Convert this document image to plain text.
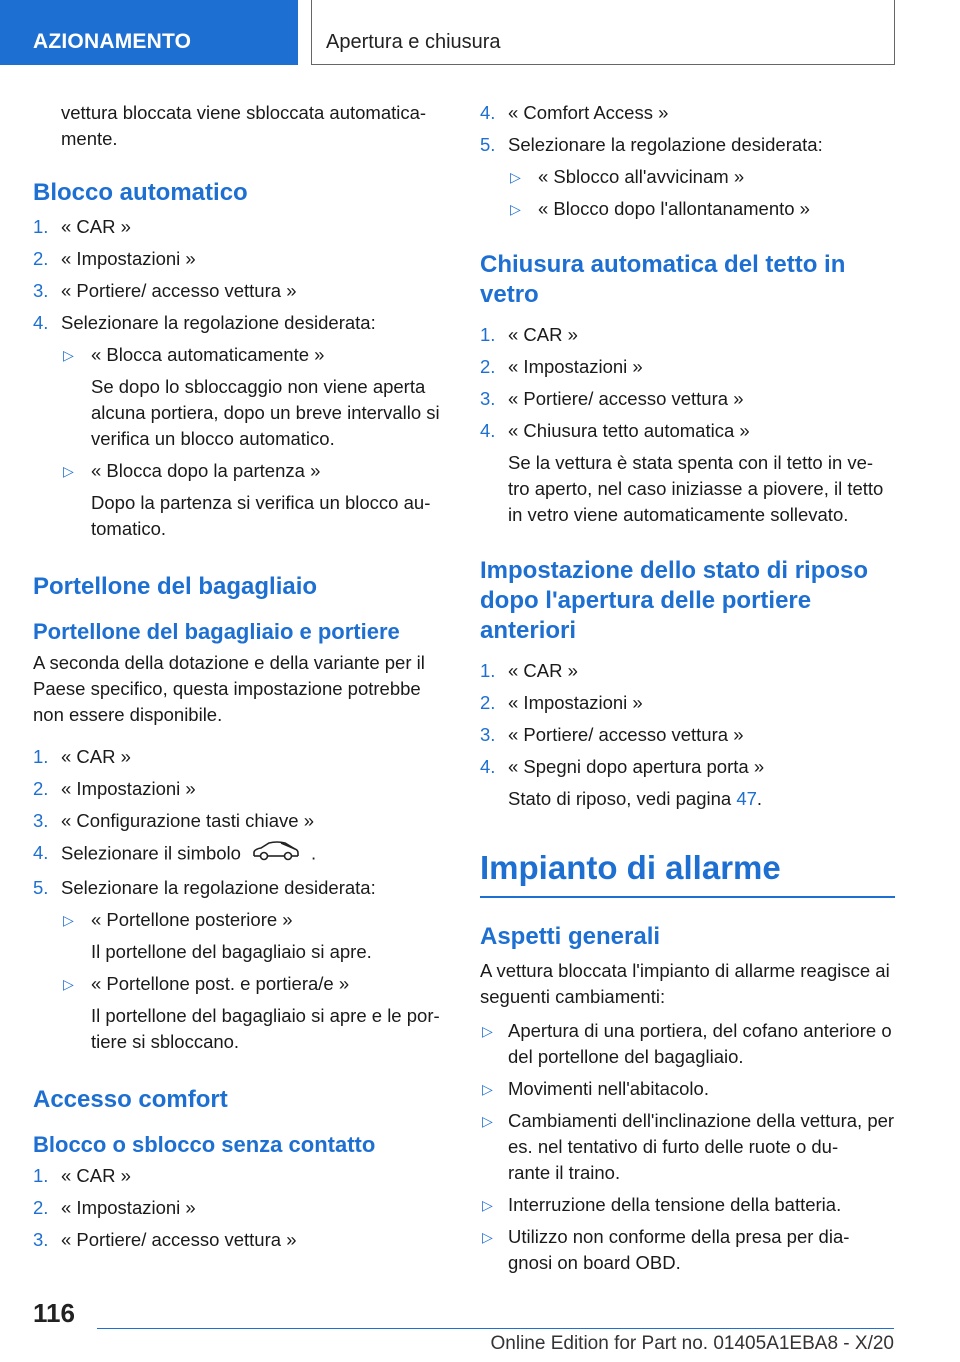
AZIONAMENTO	Apertura e chiusura

vettura bloccata viene sbloccata automatica-
mente.

Blocco automatico
1. « CAR »
2. « Impostazioni »
3. « Portiere/ accesso vettura »
4. Selezionare la regolazione desiderata:
▷ « Blocca automaticamente »
Se dopo lo sbloccaggio non viene aperta alcuna portiera, dopo un breve intervallo si verifica un blocco automatico.
▷ « Blocca dopo la partenza »
Dopo la partenza si verifica un blocco au-
tomatico.
Portellone del bagagliaio
Portellone del bagagliaio e portiere

A seconda della dotazione e della variante per il Paese specifico, questa impostazione potrebbe non essere disponibile.

1. « CAR »
2. « Impostazioni »
3. « Configurazione tasti chiave »
4. Selezionare il simbolo	.
5. Selezionare la regolazione desiderata:
▷ « Portellone posteriore »
Il portellone del bagagliaio si apre.
▷ « Portellone post. e portiera/e »
Il portellone del bagagliaio si apre e le por-
tiere si sbloccano.
Accesso comfort
Blocco o sblocco senza contatto
1. « CAR »
2. « Impostazioni »
3. « Portiere/ accesso vettura »
4. « Comfort Access »
5. Selezionare la regolazione desiderata:
▷ « Sblocco all'avvicinam »
▷ « Blocco dopo l'allontanamento »
Chiusura automatica del tetto in vetro
1. « CAR »
2. « Impostazioni »
3. « Portiere/ accesso vettura »
4. « Chiusura tetto automatica »
Se la vettura è stata spenta con il tetto in ve-
tro aperto, nel caso iniziasse a piovere, il tetto in vetro viene automaticamente sollevato.
Impostazione dello stato di riposo dopo l'apertura delle portiere anteriori
1. « CAR »
2. « Impostazioni »
3. « Portiere/ accesso vettura »
4. « Spegni dopo apertura porta »
Stato di riposo, vedi pagina 47.
Impianto di allarme
Aspetti generali

A vettura bloccata l'impianto di allarme reagisce ai seguenti cambiamenti:

▷ Apertura di una portiera, del cofano anteriore o del portellone del bagagliaio.
▷ Movimenti nell'abitacolo.
▷ Cambiamenti dell'inclinazione della vettura, per es. nel tentativo di furto delle ruote o du-
rante il traino.
▷ Interruzione della tensione della batteria.
▷ Utilizzo non conforme della presa per dia-
gnosi on board OBD.
116
Online Edition for Part no. 01405A1EBA8 - X/20
